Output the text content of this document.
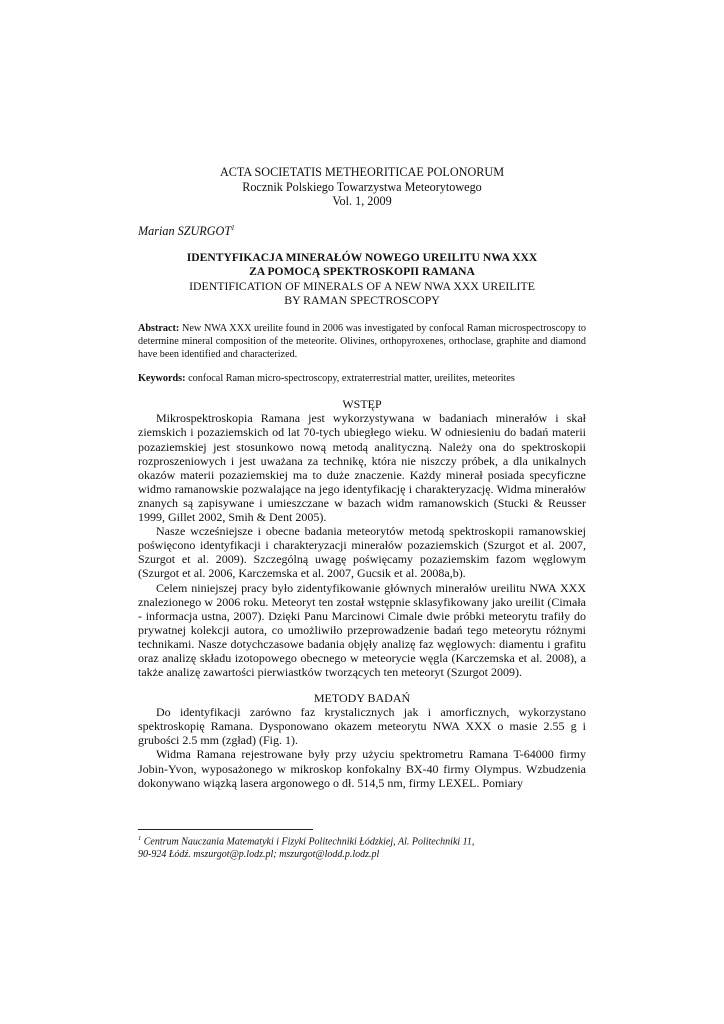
ACTA SOCIETATIS METHEORITICAE POLONORUM
Rocznik Polskiego Towarzystwa Meteorytowego
Vol. 1, 2009
Marian SZURGOT$^1$
IDENTYFIKACJA MINERAŁÓW NOWEGO UREILITU NWA XXX
ZA POMOCĄ SPEKTROSKOPII RAMANA
IDENTIFICATION OF MINERALS OF A NEW NWA XXX UREILITE
BY RAMAN SPECTROSCOPY
Abstract: New NWA XXX ureilite found in 2006 was investigated by confocal Raman microspectroscopy to determine mineral composition of the meteorite. Olivines, orthopyroxenes, orthoclase, graphite and diamond have been identified and characterized.
Keywords: confocal Raman micro-spectroscopy, extraterrestrial matter, ureilites, meteorites
WSTĘP

Mikrospektroskopia Ramana jest wykorzystywana w badaniach minerałów i skał ziemskich i pozaziemskich od lat 70-tych ubiegłego wieku. W odniesieniu do badań materii pozaziemskiej jest stosunkowo nową metodą analityczną. Należy ona do spektroskopii rozproszeniowych i jest uważana za technikę, która nie niszczy próbek, a dla unikalnych okazów materii pozaziemskiej ma to duże znaczenie. Każdy minerał posiada specyficzne widmo ramanowskie pozwalające na jego identyfikację i charakteryzację. Widma minerałów znanych są zapisywane i umieszczane w bazach widm ramanowskich (Stucki & Reusser 1999, Gillet 2002, Smih & Dent 2005).

Nasze wcześniejsze i obecne badania meteorytów metodą spektroskopii ramanowskiej poświęcono identyfikacji i charakteryzacji minerałów pozaziemskich (Szurgot et al. 2007, Szurgot et al. 2009). Szczególną uwagę poświęcamy pozaziemskim fazom węglowym (Szurgot et al. 2006, Karczemska et al. 2007, Gucsik et al. 2008a,b).

Celem niniejszej pracy było zidentyfikowanie głównych minerałów ureilitu NWA XXX znalezionego w 2006 roku. Meteoryt ten został wstępnie sklasyfikowany jako ureilit (Cimała - informacja ustna, 2007). Dzięki Panu Marcinowi Cimale dwie próbki meteorytu trafiły do prywatnej kolekcji autora, co umożliwiło przeprowadzenie badań tego meteorytu różnymi technikami. Nasze dotychczasowe badania objęły analizę faz węglowych: diamentu i grafitu oraz analizę składu izotopowego obecnego w meteorycie węgla (Karczemska et al. 2008), a także analizę zawartości pierwiastków tworzących ten meteoryt (Szurgot 2009).

METODY BADAŃ

Do identyfikacji zarówno faz krystalicznych jak i amorficznych, wykorzystano spektroskopię Ramana. Dysponowano okazem meteorytu NWA XXX o masie 2.55 g i grubości 2.5 mm (zgład) (Fig. 1).

Widma Ramana rejestrowane były przy użyciu spektrometru Ramana T-64000 firmy Jobin-Yvon, wyposażonego w mikroskop konfokalny BX-40 firmy Olympus. Wzbudzenia dokonywano wiązką lasera argonowego o dł. 514,5 nm, firmy LEXEL. Pomiary

$^1$ Centrum Nauczania Matematyki i Fizyki Politechniki Łódzkiej, Al. Politechniki 11,
90-924 Łódź. mszurgot@p.lodz.pl; mszurgot@lodd.p.lodz.pl
